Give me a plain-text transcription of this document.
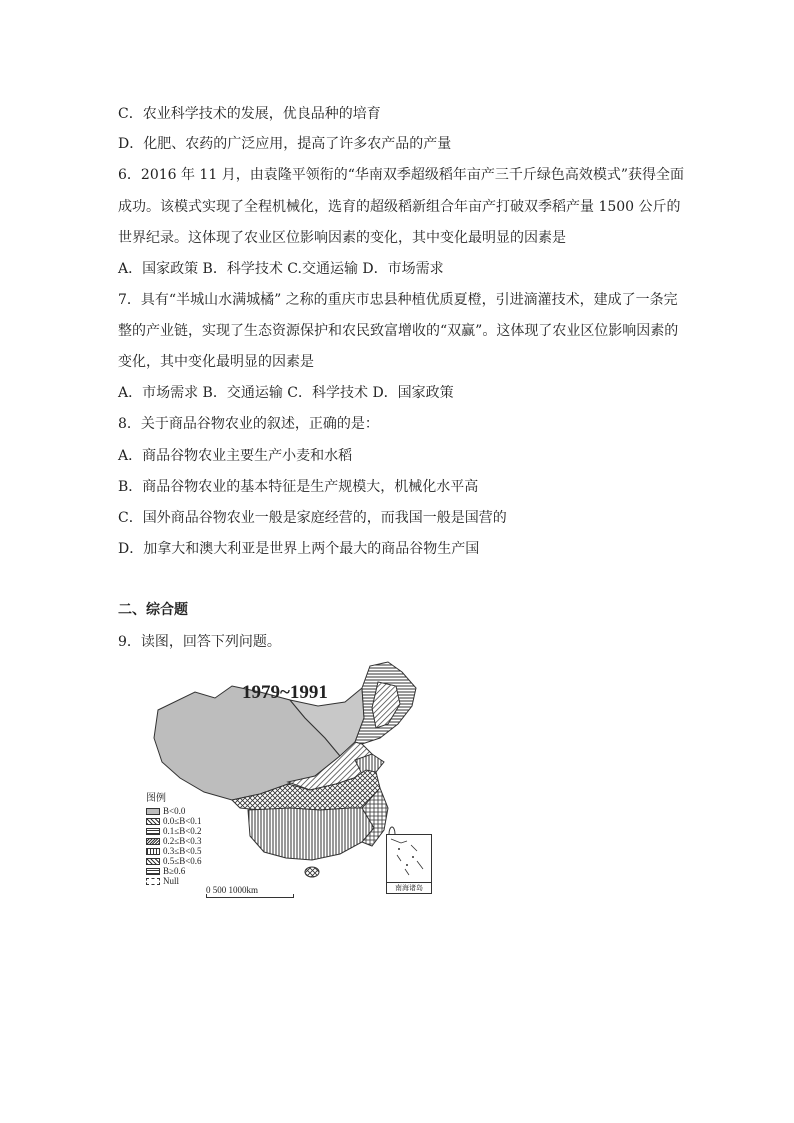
C．农业科学技术的发展，优良品种的培育
D．化肥、农药的广泛应用，提高了许多农产品的产量
6．2016 年 11 月，由袁隆平领衔的“华南双季超级稻年亩产三千斤绿色高效模式”获得全面
成功。该模式实现了全程机械化，选育的超级稻新组合年亩产打破双季稻产量 1500 公斤的
世界纪录。这体现了农业区位影响因素的变化，其中变化最明显的因素是
A．国家政策 B．科学技术 C.交通运输 D．市场需求
7．具有“半城山水满城橘” 之称的重庆市忠县种植优质夏橙，引进滴灌技术，建成了一条完
整的产业链，实现了生态资源保护和农民致富增收的“双赢”。这体现了农业区位影响因素的
变化，其中变化最明显的因素是
A．市场需求 B．交通运输 C．科学技术 D．国家政策
8．关于商品谷物农业的叙述，正确的是：
A．商品谷物农业主要生产小麦和水稻
B．商品谷物农业的基本特征是生产规模大，机械化水平高
C．国外商品谷物农业一般是家庭经营的，而我国一般是国营的
D．加拿大和澳大利亚是世界上两个最大的商品谷物生产国
二、综合题
9．读图，回答下列问题。
1979~1991
图例
B<0.0
0.0≤B<0.1
0.1≤B<0.2
0.2≤B<0.3
0.3≤B<0.5
0.5≤B<0.6
B≥0.6
Null
0 500 1000km	南海诸岛
